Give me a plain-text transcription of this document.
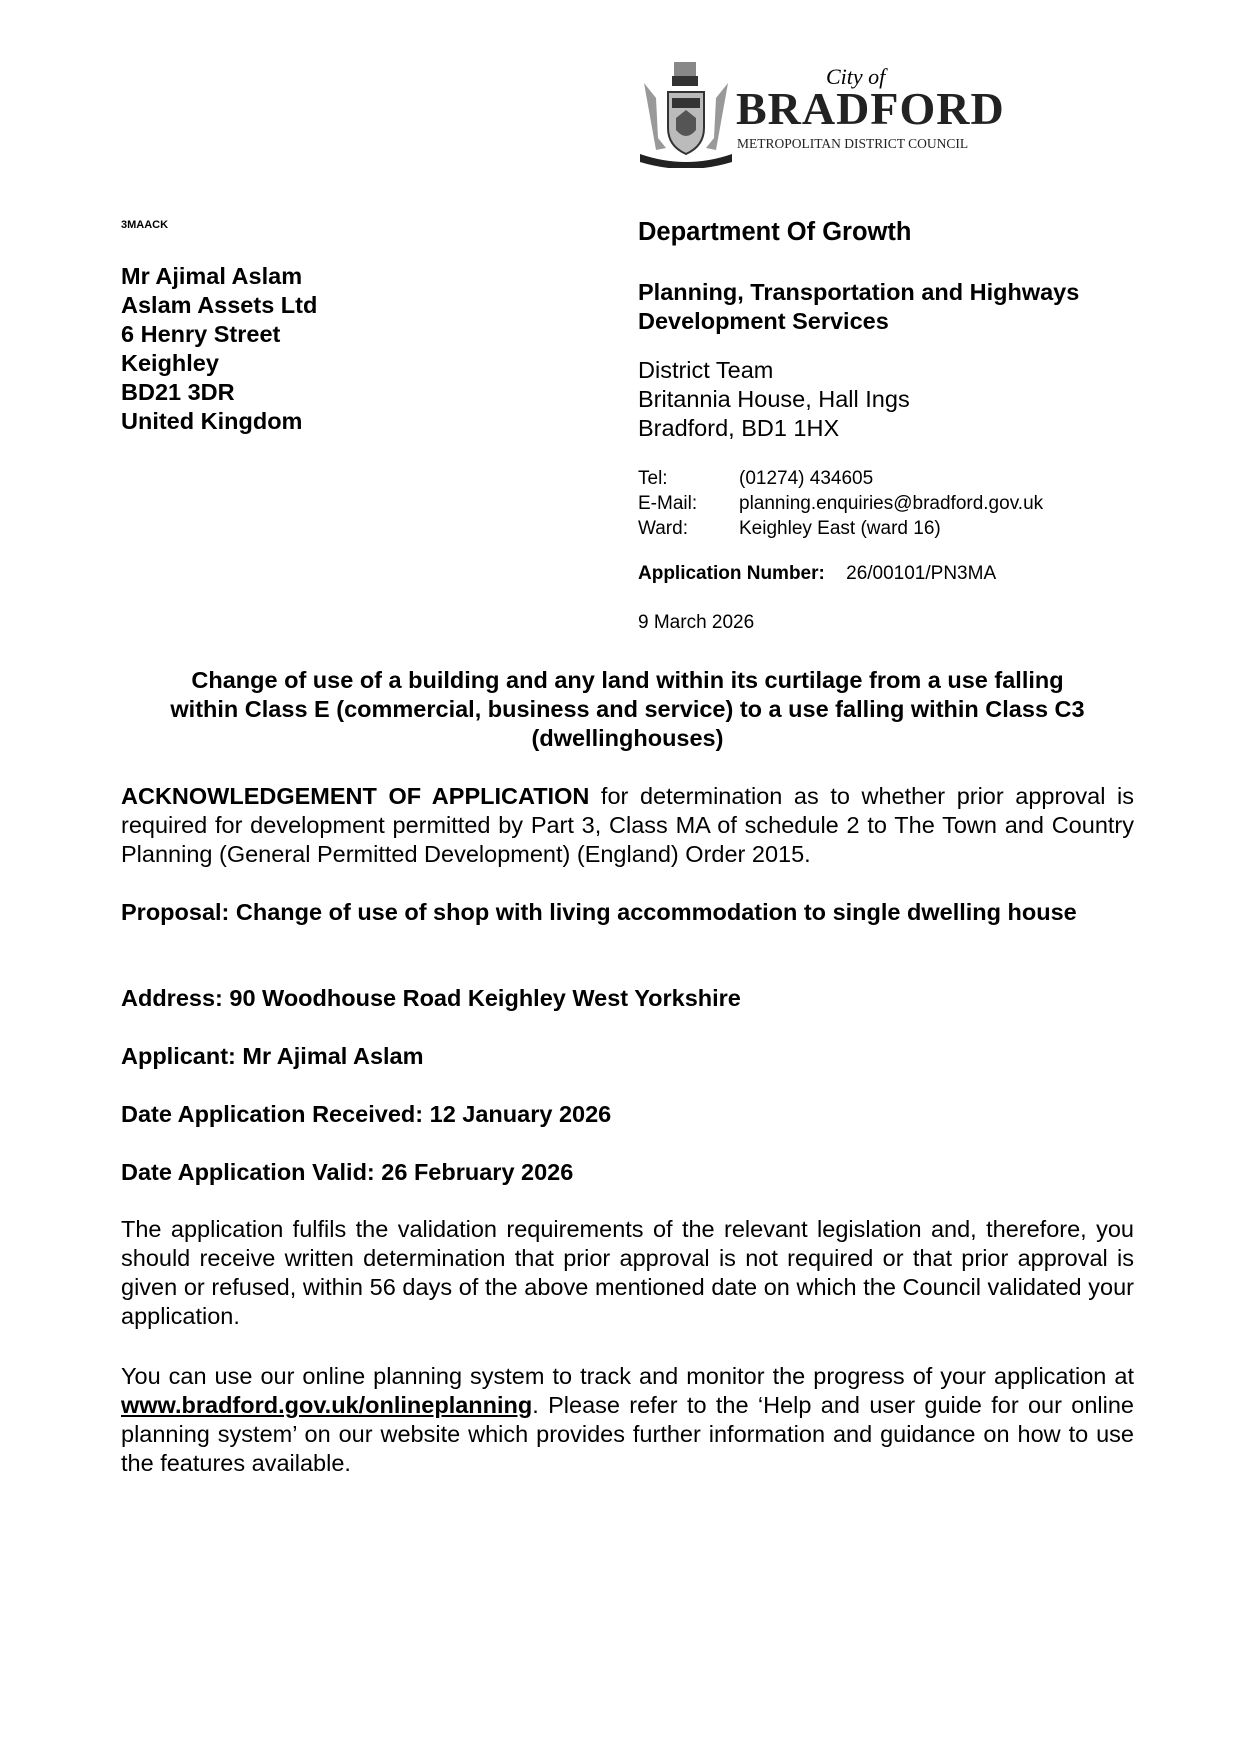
City of
BRADFORD
METROPOLITAN DISTRICT COUNCIL
3MAACK
Mr Ajimal Aslam
Aslam Assets Ltd
6 Henry Street
Keighley
BD21 3DR
United Kingdom
Department Of Growth
Planning, Transportation and Highways
Development Services
District Team
Britannia House, Hall Ings
Bradford, BD1 1HX
Tel:	(01274) 434605
E-Mail:	planning.enquiries@bradford.gov.uk
Ward:	Keighley East (ward 16)
Application Number: 26/00101/PN3MA
9 March 2026
Change of use of a building and any land within its curtilage from a use falling
within Class E (commercial, business and service) to a use falling within Class C3
(dwellinghouses)
ACKNOWLEDGEMENT OF APPLICATION for determination as to whether prior approval is required for development permitted by Part 3, Class MA of schedule 2 to The Town and Country Planning (General Permitted Development) (England) Order 2015.
Proposal: Change of use of shop with living accommodation to single dwelling house
Address: 90 Woodhouse Road Keighley West Yorkshire
Applicant: Mr Ajimal Aslam
Date Application Received: 12 January 2026
Date Application Valid: 26 February 2026
The application fulfils the validation requirements of the relevant legislation and, therefore, you should receive written determination that prior approval is not required or that prior approval is given or refused, within 56 days of the above mentioned date on which the Council validated your application.
You can use our online planning system to track and monitor the progress of your application at www.bradford.gov.uk/onlineplanning. Please refer to the ‘Help and user guide for our online planning system’ on our website which provides further information and guidance on how to use the features available.
